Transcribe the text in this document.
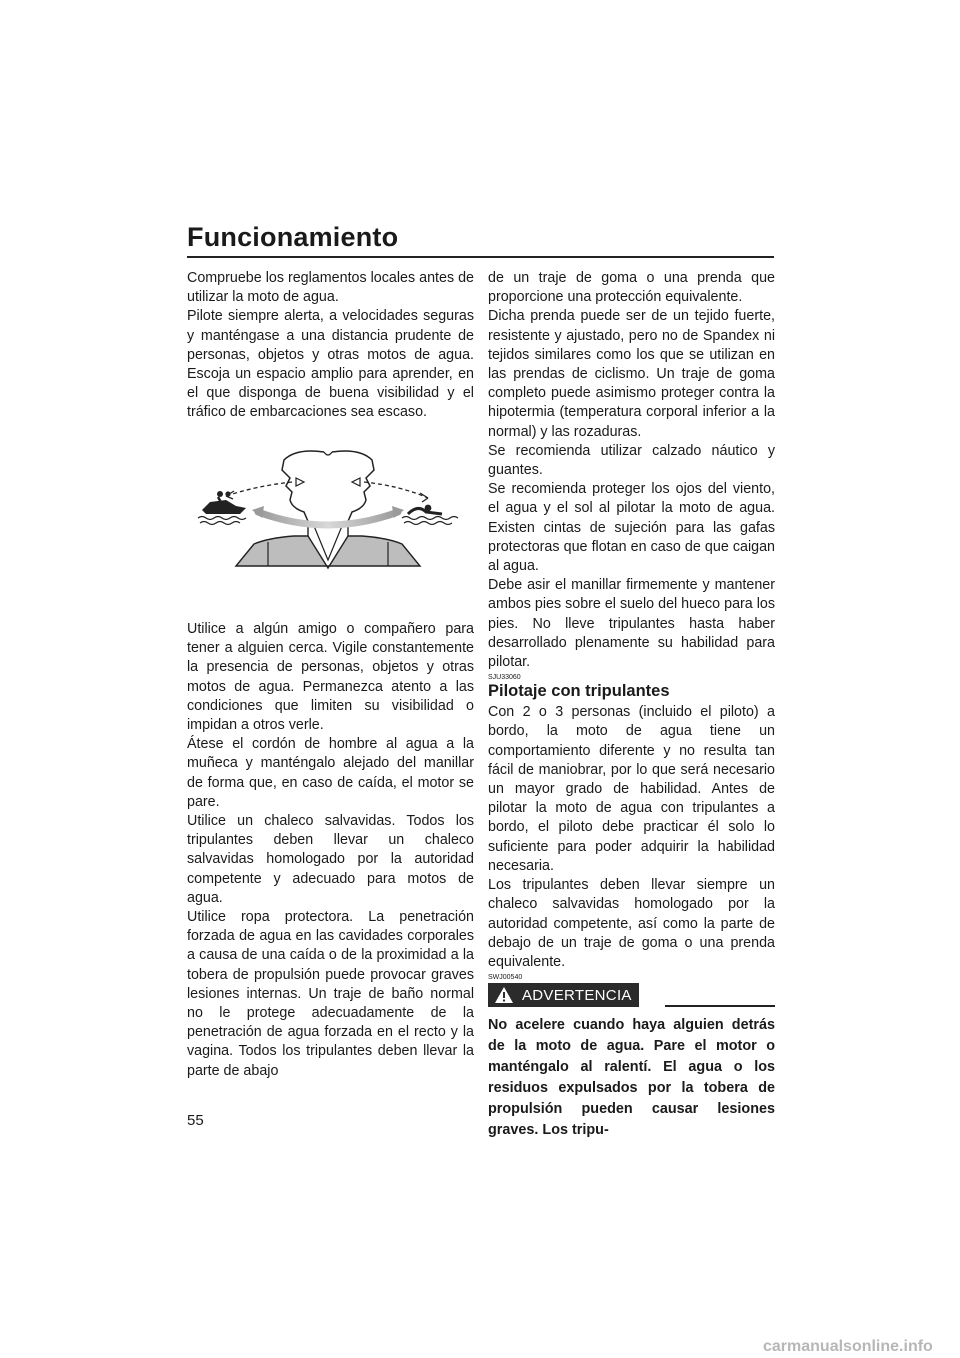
Funcionamiento

Compruebe los reglamentos locales antes de utilizar la moto de agua.

Pilote siempre alerta, a velocidades seguras y manténgase a una distancia prudente de personas, objetos y otras motos de agua. Escoja un espacio amplio para aprender, en el que disponga de buena visibilidad y el tráfico de embarcaciones sea escaso.

Utilice a algún amigo o compañero para tener a alguien cerca. Vigile constantemente la presencia de personas, objetos y otras motos de agua. Permanezca atento a las condiciones que limiten su visibilidad o impidan a otros verle.

Átese el cordón de hombre al agua a la muñeca y manténgalo alejado del manillar de forma que, en caso de caída, el motor se pare.

Utilice un chaleco salvavidas. Todos los tripulantes deben llevar un chaleco salvavidas homologado por la autoridad competente y adecuado para motos de agua.

Utilice ropa protectora. La penetración forzada de agua en las cavidades corporales a causa de una caída o de la proximidad a la tobera de propulsión puede provocar graves lesiones internas. Un traje de baño normal no le protege adecuadamente de la penetración de agua forzada en el recto y la vagina. Todos los tripulantes deben llevar la parte de abajo

de un traje de goma o una prenda que proporcione una protección equivalente.

Dicha prenda puede ser de un tejido fuerte, resistente y ajustado, pero no de Spandex ni tejidos similares como los que se utilizan en las prendas de ciclismo. Un traje de goma completo puede asimismo proteger contra la hipotermia (temperatura corporal inferior a la normal) y las rozaduras.

Se recomienda utilizar calzado náutico y guantes.

Se recomienda proteger los ojos del viento, el agua y el sol al pilotar la moto de agua. Existen cintas de sujeción para las gafas protectoras que flotan en caso de que caigan al agua.

Debe asir el manillar firmemente y mantener ambos pies sobre el suelo del hueco para los pies. No lleve tripulantes hasta haber desarrollado plenamente su habilidad para pilotar.

SJU33060
Pilotaje con tripulantes

Con 2 o 3 personas (incluido el piloto) a bordo, la moto de agua tiene un comportamiento diferente y no resulta tan fácil de maniobrar, por lo que será necesario un mayor grado de habilidad. Antes de pilotar la moto de agua con tripulantes a bordo, el piloto debe practicar él solo lo suficiente para poder adquirir la habilidad necesaria.

Los tripulantes deben llevar siempre un chaleco salvavidas homologado por la autoridad competente, así como la parte de debajo de un traje de goma o una prenda equivalente.

SWJ00540
ADVERTENCIA

No acelere cuando haya alguien detrás de la moto de agua. Pare el motor o manténgalo al ralentí. El agua o los residuos expulsados por la tobera de propulsión pueden causar lesiones graves. Los tripu-

55
carmanualsonline.info
